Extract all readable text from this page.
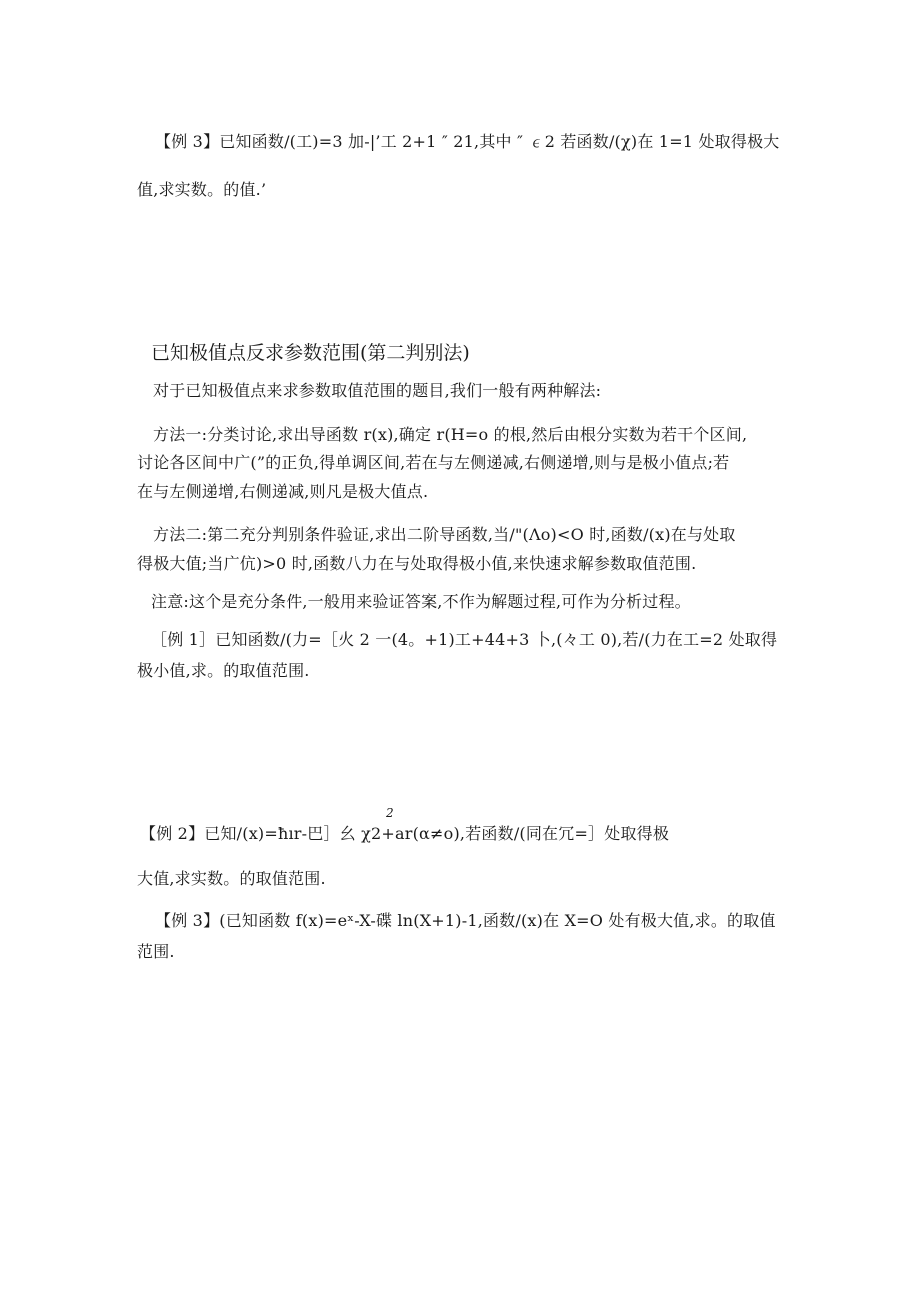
【例 3】已知函数/(工)=3 加-|’工 2+1 ″ 21,其中 ″ ∊2 若函数/(χ)在 1=1 处取得极大
值,求实数。的值.’
已知极值点反求参数范围(第二判别法)
对于已知极值点来求参数取值范围的题目,我们一般有两种解法:
方法一:分类讨论,求出导函数 r(x),确定 r(H=o 的根,然后由根分实数为若干个区间,
讨论各区间中广(”的正负,得单调区间,若在与左侧递减,右侧递增,则与是极小值点;若
在与左侧递增,右侧递减,则凡是极大值点.
方法二:第二充分判别条件验证,求出二阶导函数,当/"(Λo)<O 时,函数/(x)在与处取
得极大值;当广伉)>0 时,函数八力在与处取得极小值,来快速求解参数取值范围.
注意:这个是充分条件,一般用来验证答案,不作为解题过程,可作为分析过程。
［例 1］已知函数/(力=［火 2 一(4。+1)工+44+3 卜,(々工 0),若/(力在工=2 处取得
极小值,求。的取值范围.
2
【例 2】已知/(x)=ħır-巴］幺 χ2+ar(α≠o),若函数/(同在冗=］处取得极
大值,求实数。的取值范围.
【例 3】(已知函数 f(x)=eˣ-X-碟 ln(X+1)-1,函数/(x)在 X=O 处有极大值,求。的取值
范围.
